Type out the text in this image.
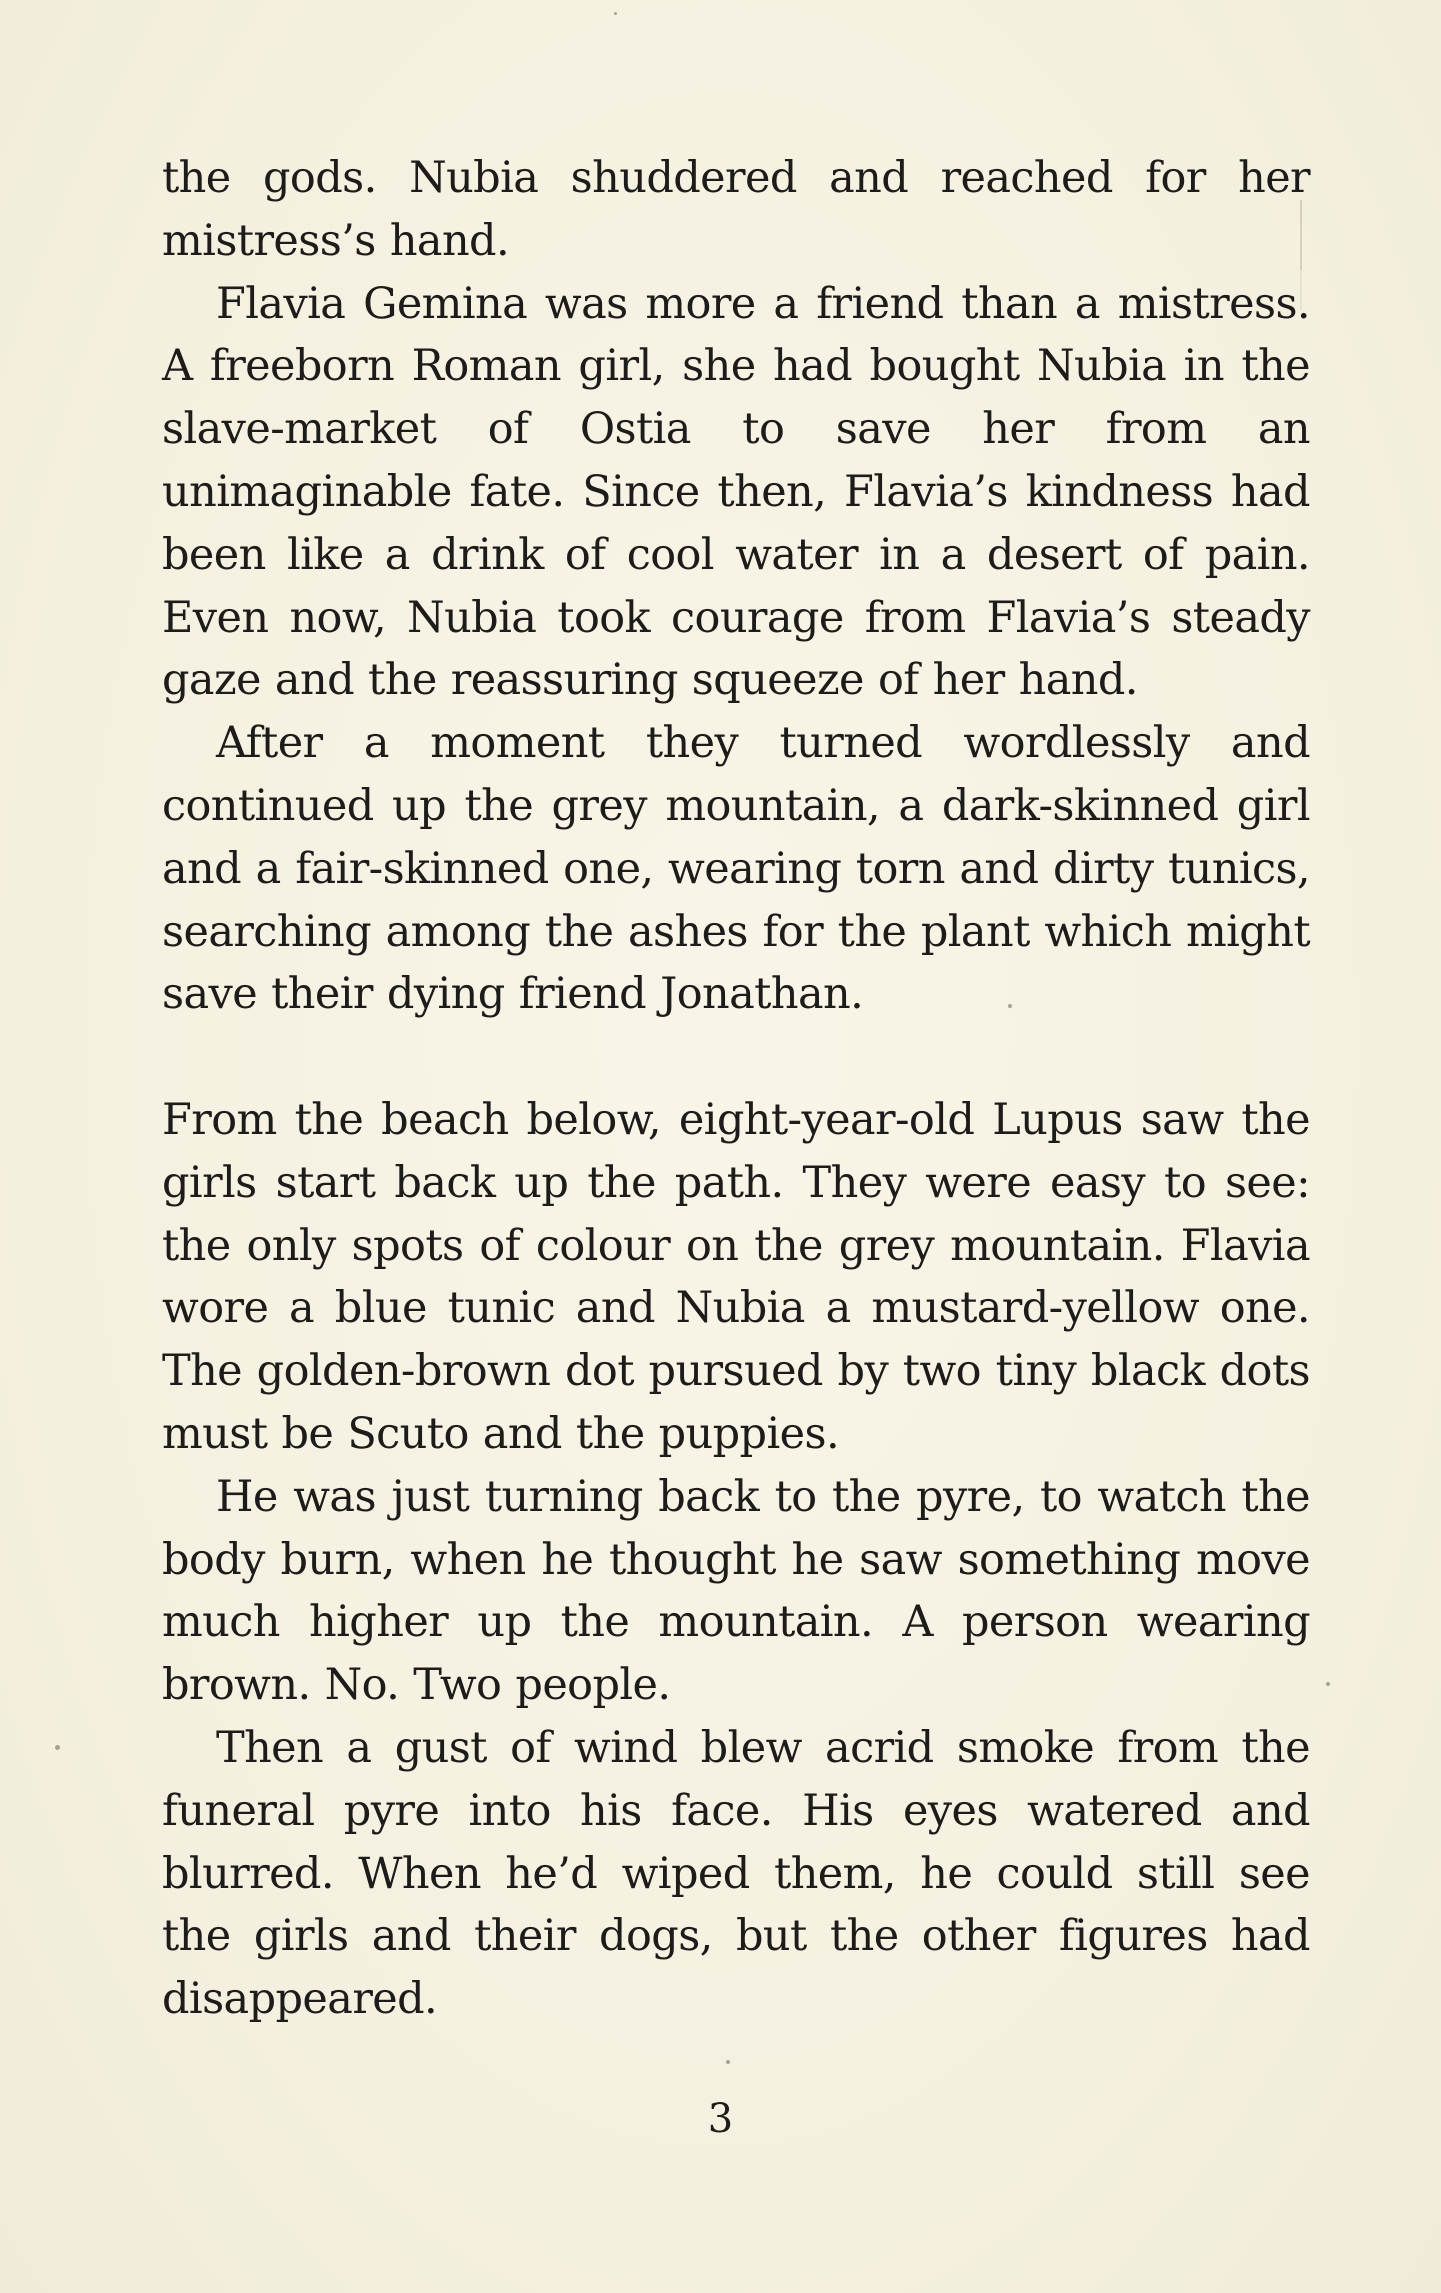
the gods. Nubia shuddered and reached for her mistress’s hand.

Flavia Gemina was more a friend than a mistress. A freeborn Roman girl, she had bought Nubia in the slave-market of Ostia to save her from an unimaginable fate. Since then, Flavia’s kindness had been like a drink of cool water in a desert of pain. Even now, Nubia took courage from Flavia’s steady gaze and the reassuring squeeze of her hand.

After a moment they turned wordlessly and continued up the grey mountain, a dark-skinned girl and a fair-skinned one, wearing torn and dirty tunics, searching among the ashes for the plant which might save their dying friend Jonathan.

From the beach below, eight-year-old Lupus saw the girls start back up the path. They were easy to see: the only spots of colour on the grey mountain. Flavia wore a blue tunic and Nubia a mustard-yellow one. The golden-brown dot pursued by two tiny black dots must be Scuto and the puppies.

He was just turning back to the pyre, to watch the body burn, when he thought he saw something move much higher up the mountain. A person wearing brown. No. Two people.

Then a gust of wind blew acrid smoke from the funeral pyre into his face. His eyes watered and blurred. When he’d wiped them, he could still see the girls and their dogs, but the other figures had disappeared.

3
